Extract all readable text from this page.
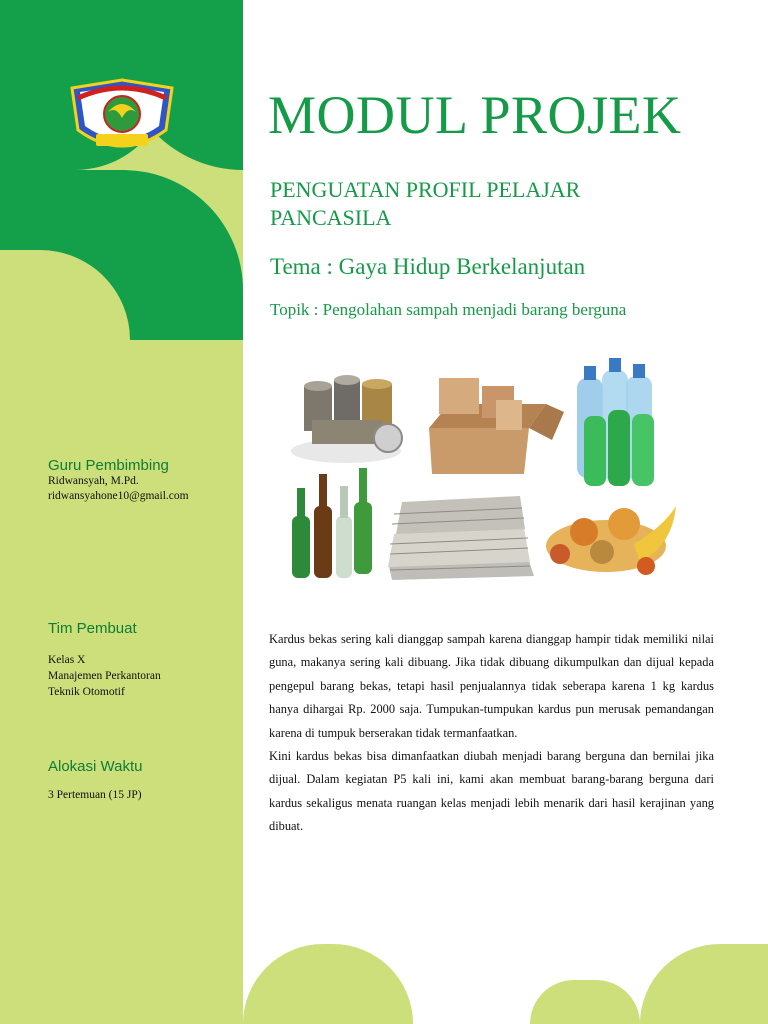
MODUL PROJEK
PENGUATAN PROFIL PELAJAR PANCASILA
Tema : Gaya Hidup Berkelanjutan
Topik : Pengolahan sampah menjadi barang berguna
Guru Pembimbing
Ridwansyah, M.Pd.
ridwansyahone10@gmail.com
Tim Pembuat
Kelas X
Manajemen Perkantoran
Teknik Otomotif
Alokasi Waktu
3 Pertemuan (15 JP)

Kardus bekas sering kali dianggap sampah karena dianggap hampir tidak memiliki nilai guna, makanya sering kali dibuang. Jika tidak dibuang dikumpulkan dan dijual kepada pengepul barang bekas, tetapi hasil penjualannya tidak seberapa karena 1 kg kardus hanya dihargai Rp. 2000 saja. Tumpukan-tumpukan kardus pun merusak pemandangan karena di tumpuk berserakan tidak termanfaatkan.

Kini kardus bekas bisa dimanfaatkan diubah menjadi barang berguna dan bernilai jika dijual. Dalam kegiatan P5 kali ini, kami akan membuat barang-barang berguna dari kardus sekaligus menata ruangan kelas menjadi lebih menarik dari hasil kerajinan yang dibuat.
